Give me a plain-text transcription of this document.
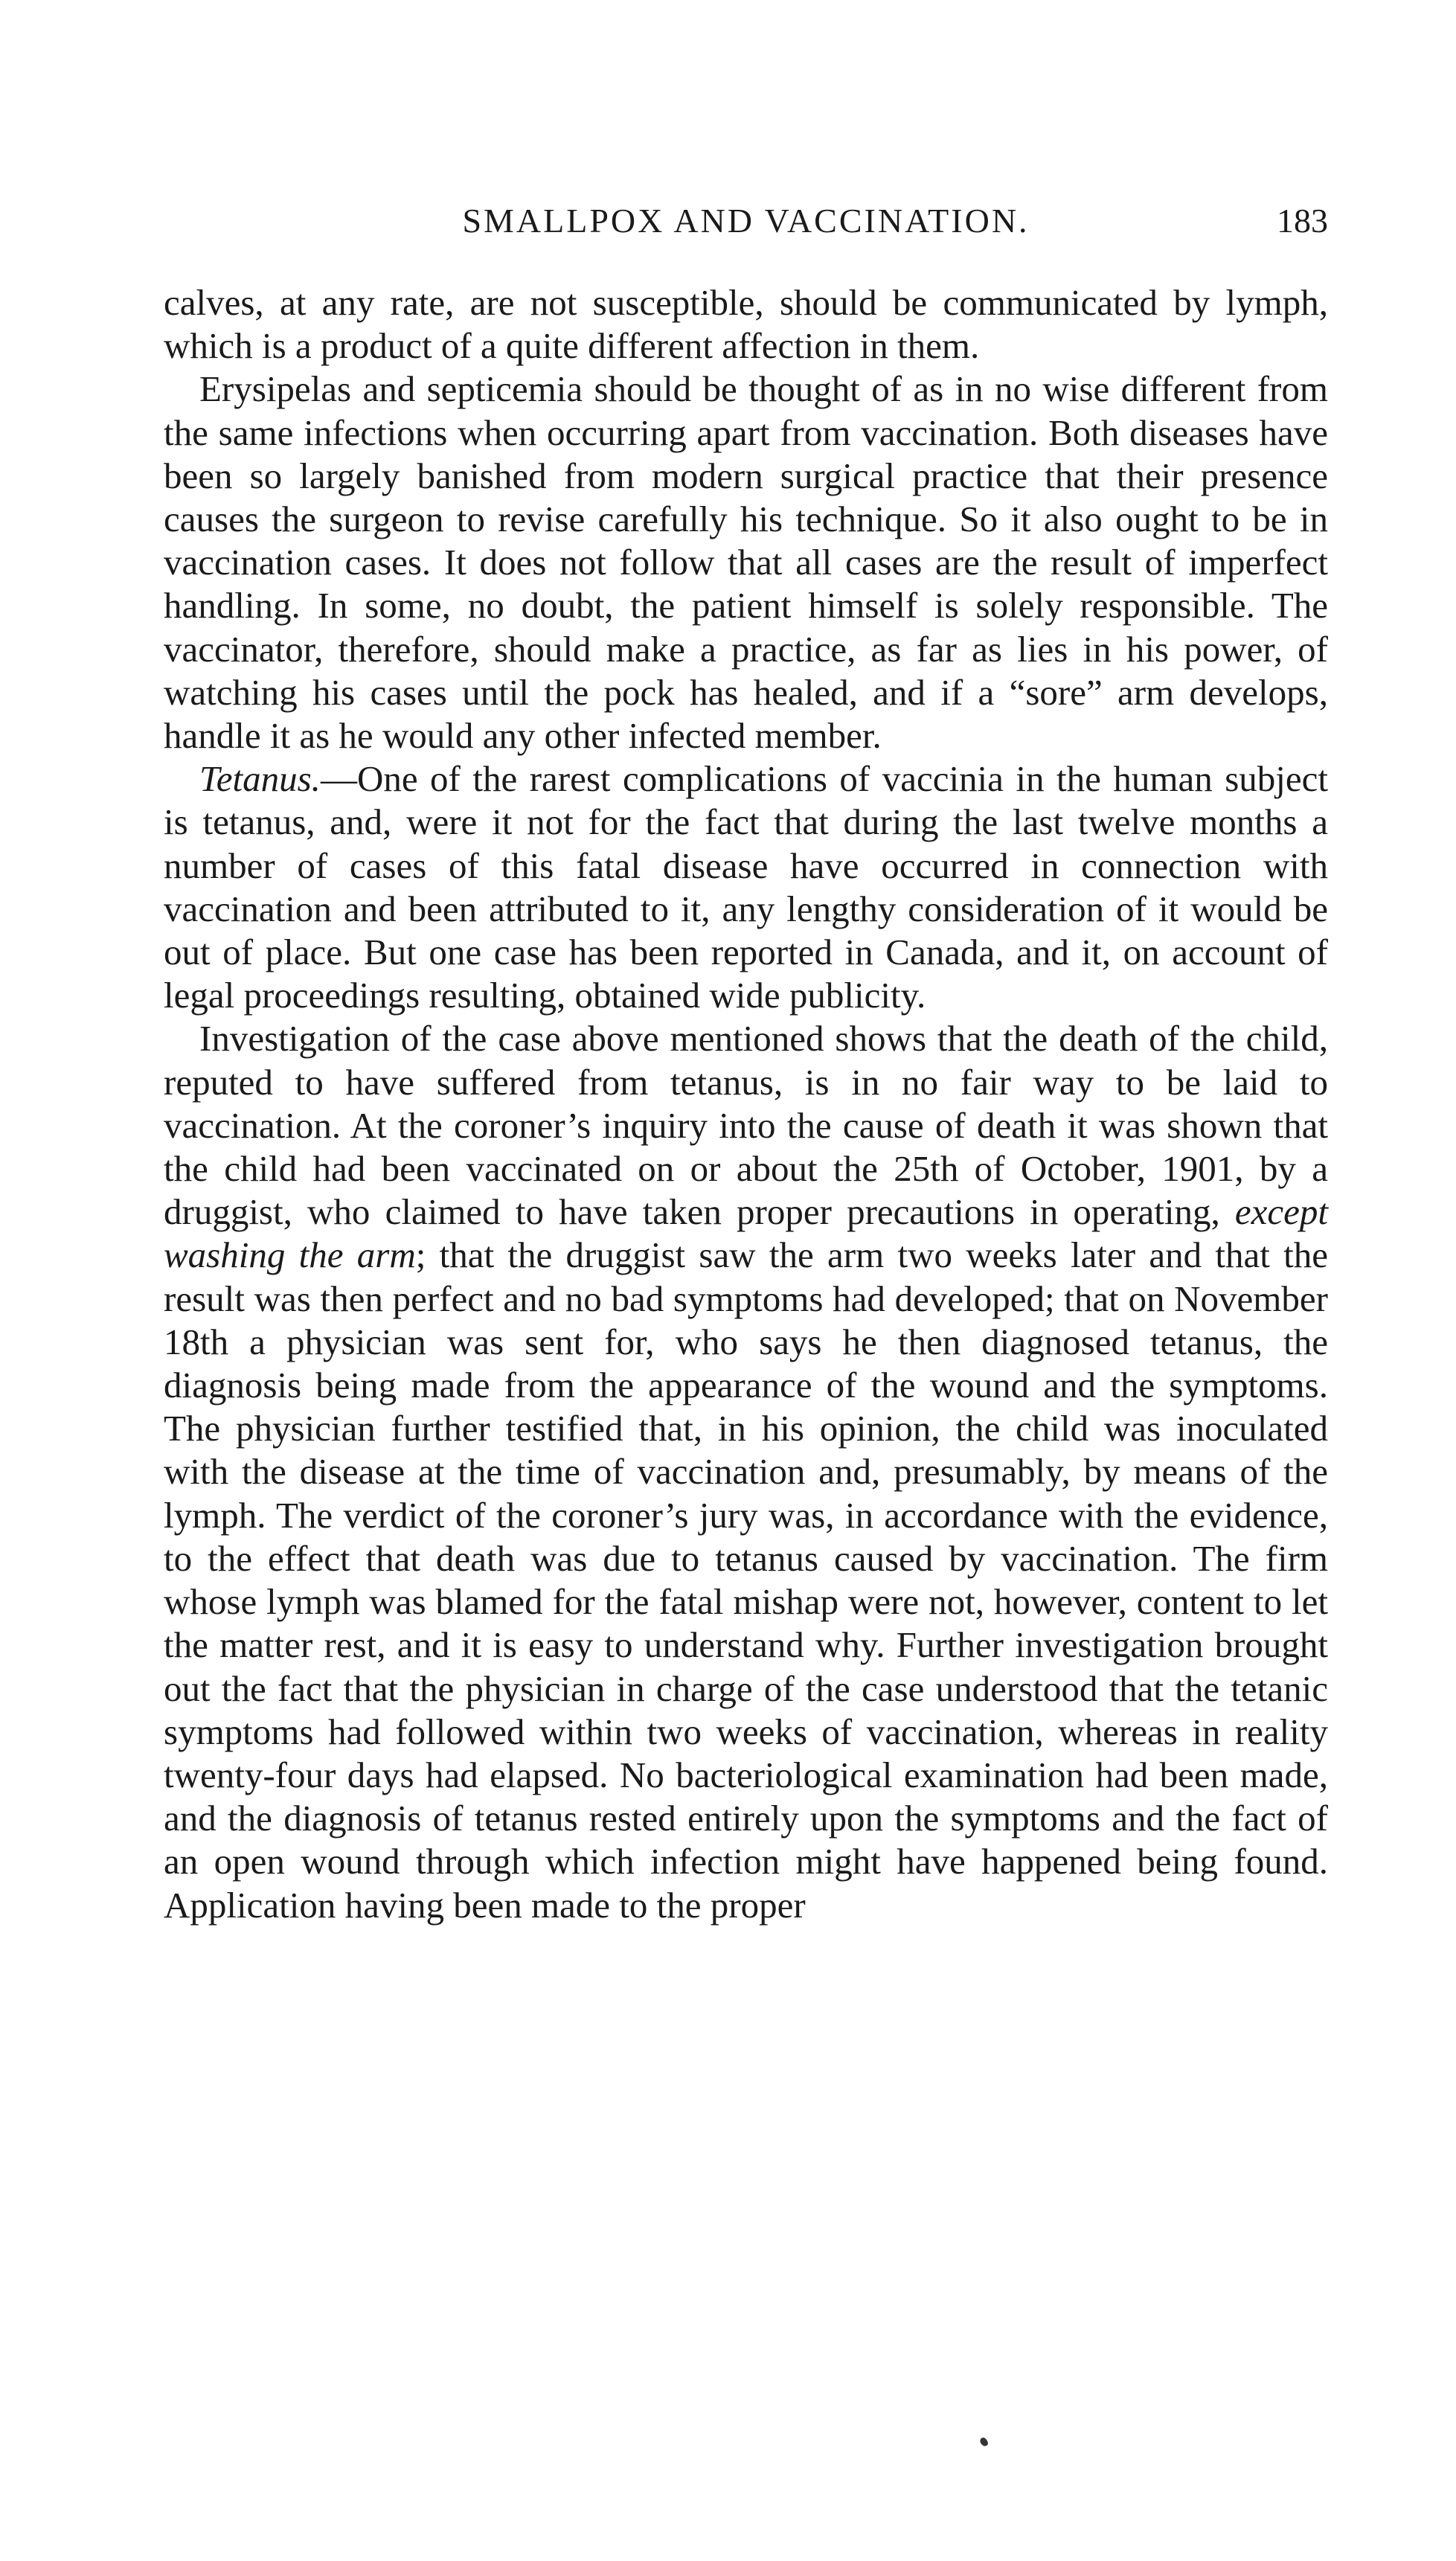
SMALLPOX AND VACCINATION.	183

calves, at any rate, are not susceptible, should be communicated by lymph, which is a product of a quite different affection in them.

Erysipelas and septicemia should be thought of as in no wise different from the same infections when occurring apart from vaccination. Both diseases have been so largely banished from modern surgical practice that their presence causes the surgeon to revise carefully his technique. So it also ought to be in vaccination cases. It does not follow that all cases are the result of imperfect handling. In some, no doubt, the patient himself is solely responsible. The vaccinator, therefore, should make a practice, as far as lies in his power, of watching his cases until the pock has healed, and if a “sore” arm develops, handle it as he would any other infected member.

Tetanus.—One of the rarest complications of vaccinia in the human subject is tetanus, and, were it not for the fact that during the last twelve months a number of cases of this fatal disease have occurred in connection with vaccination and been attributed to it, any lengthy consideration of it would be out of place. But one case has been reported in Canada, and it, on account of legal proceedings resulting, obtained wide publicity.

Investigation of the case above mentioned shows that the death of the child, reputed to have suffered from tetanus, is in no fair way to be laid to vaccination. At the coroner’s inquiry into the cause of death it was shown that the child had been vaccinated on or about the 25th of October, 1901, by a druggist, who claimed to have taken proper precautions in operating, except washing the arm; that the druggist saw the arm two weeks later and that the result was then perfect and no bad symptoms had developed; that on November 18th a physician was sent for, who says he then diagnosed tetanus, the diagnosis being made from the appearance of the wound and the symptoms. The physician further testified that, in his opinion, the child was inoculated with the disease at the time of vaccination and, presumably, by means of the lymph. The verdict of the coroner’s jury was, in accordance with the evidence, to the effect that death was due to tetanus caused by vaccination. The firm whose lymph was blamed for the fatal mishap were not, however, content to let the matter rest, and it is easy to understand why. Further investigation brought out the fact that the physician in charge of the case understood that the tetanic symptoms had followed within two weeks of vaccination, whereas in reality twenty-four days had elapsed. No bacteriological examination had been made, and the diagnosis of tetanus rested entirely upon the symptoms and the fact of an open wound through which infection might have happened being found. Application having been made to the proper
